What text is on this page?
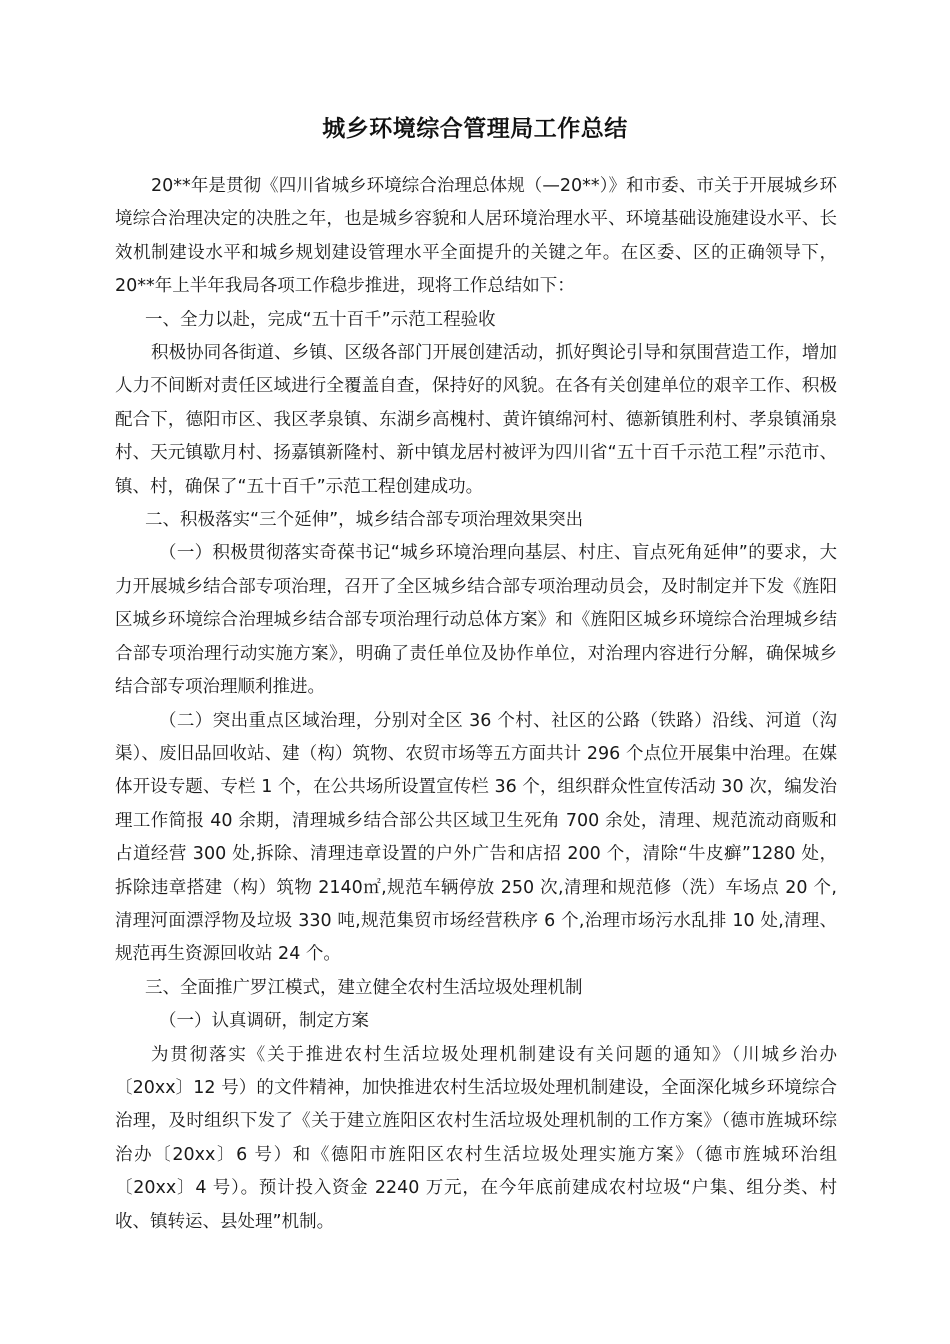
城乡环境综合管理局工作总结

20**年是贯彻《四川省城乡环境综合治理总体规（—20**）》和市委、市关于开展城乡环境综合治理决定的决胜之年，也是城乡容貌和人居环境治理水平、环境基础设施建设水平、长效机制建设水平和城乡规划建设管理水平全面提升的关键之年。在区委、区的正确领导下，20**年上半年我局各项工作稳步推进，现将工作总结如下：

一、全力以赴，完成“五十百千”示范工程验收

积极协同各街道、乡镇、区级各部门开展创建活动，抓好舆论引导和氛围营造工作，增加人力不间断对责任区域进行全覆盖自查，保持好的风貌。在各有关创建单位的艰辛工作、积极配合下，德阳市区、我区孝泉镇、东湖乡高槐村、黄许镇绵河村、德新镇胜利村、孝泉镇涌泉村、天元镇歇月村、扬嘉镇新隆村、新中镇龙居村被评为四川省“五十百千示范工程”示范市、镇、村，确保了“五十百千”示范工程创建成功。

二、积极落实“三个延伸”，城乡结合部专项治理效果突出

（一）积极贯彻落实奇葆书记“城乡环境治理向基层、村庄、盲点死角延伸”的要求，大力开展城乡结合部专项治理，召开了全区城乡结合部专项治理动员会，及时制定并下发《旌阳区城乡环境综合治理城乡结合部专项治理行动总体方案》和《旌阳区城乡环境综合治理城乡结合部专项治理行动实施方案》，明确了责任单位及协作单位，对治理内容进行分解，确保城乡结合部专项治理顺利推进。

（二）突出重点区域治理，分别对全区 36 个村、社区的公路（铁路）沿线、河道（沟渠）、废旧品回收站、建（构）筑物、农贸市场等五方面共计 296 个点位开展集中治理。在媒体开设专题、专栏 1 个，在公共场所设置宣传栏 36 个，组织群众性宣传活动 30 次，编发治理工作简报 40 余期，清理城乡结合部公共区域卫生死角 700 余处，清理、规范流动商贩和占道经营 300 处,拆除、清理违章设置的户外广告和店招 200 个，清除“牛皮癣”1280 处，拆除违章搭建（构）筑物 2140㎡,规范车辆停放 250 次,清理和规范修（洗）车场点 20 个,清理河面漂浮物及垃圾 330 吨,规范集贸市场经营秩序 6 个,治理市场污水乱排 10 处,清理、规范再生资源回收站 24 个。

三、全面推广罗江模式，建立健全农村生活垃圾处理机制

（一）认真调研，制定方案

为贯彻落实《关于推进农村生活垃圾处理机制建设有关问题的通知》（川城乡治办〔20xx〕12 号）的文件精神，加快推进农村生活垃圾处理机制建设，全面深化城乡环境综合治理，及时组织下发了《关于建立旌阳区农村生活垃圾处理机制的工作方案》（德市旌城环综治办〔20xx〕6 号）和《德阳市旌阳区农村生活垃圾处理实施方案》（德市旌城环治组〔20xx〕4 号）。预计投入资金 2240 万元，在今年底前建成农村垃圾“户集、组分类、村收、镇转运、县处理”机制。
